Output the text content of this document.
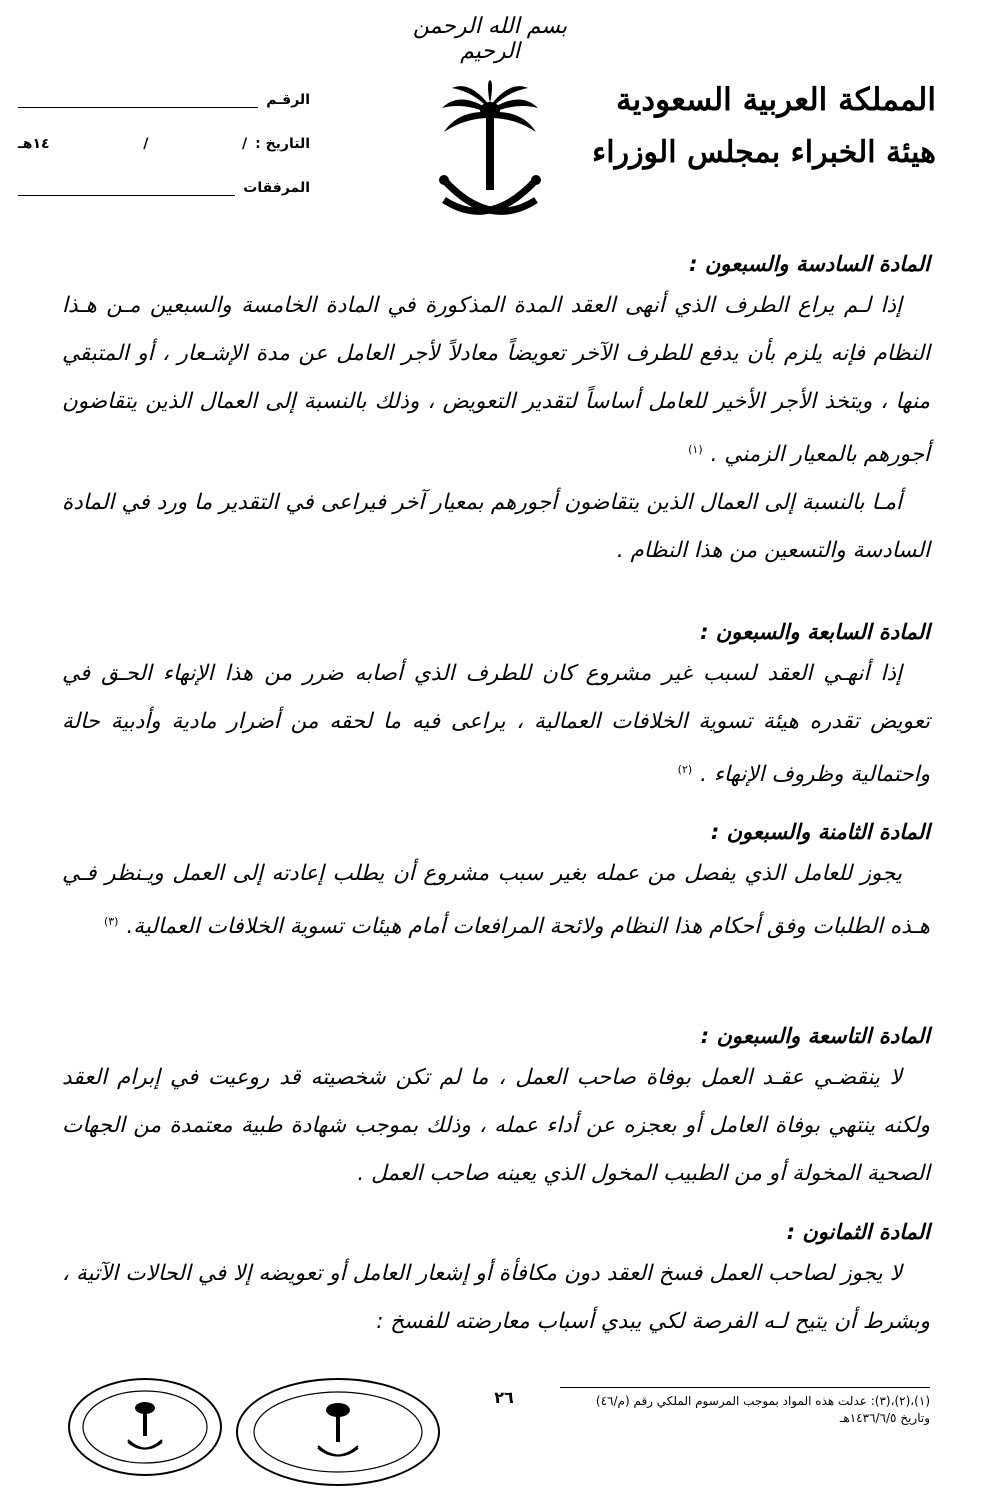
بسم الله الرحمن الرحيم
المملكة العربية السعودية
هيئة الخبراء بمجلس الوزراء
الرقـم
التاريخ :
/
/
١٤هـ
المرفقات
المادة السادسة والسبعون :
إذا لـم يراع الطرف الذي أنهى العقد المدة المذكورة في المادة الخامسة والسبعين مـن هـذا النظام فإنه يلزم بأن يدفع للطرف الآخر تعويضاً معادلاً لأجر العامل عن مدة الإشـعار ، أو المتبقي منها ، ويتخذ الأجر الأخير للعامل أساساً لتقدير التعويض ، وذلك بالنسبة إلى العمال الذين يتقاضون أجورهم بالمعيار الزمني .$^{(١)}$
أمـا بالنسبة إلى العمال الذين يتقاضون أجورهم بمعيار آخر فيراعى في التقدير ما ورد في المادة السادسة والتسعين من هذا النظام .
المادة السابعة والسبعون :
إذا أنهـي العقد لسبب غير مشروع كان للطرف الذي أصابه ضرر من هذا الإنهاء الحـق في تعويض تقدره هيئة تسوية الخلافات العمالية ، يراعى فيه ما لحقه من أضرار مادية وأدبية حالة واحتمالية وظروف الإنهاء .$^{(٢)}$
المادة الثامنة والسبعون :
يجوز للعامل الذي يفصل من عمله بغير سبب مشروع أن يطلب إعادته إلى العمل ويـنظر فـي هـذه الطلبات وفق أحكام هذا النظام ولائحة المرافعات أمام هيئات تسوية الخلافات العمالية.$^{(٣)}$
المادة التاسعة والسبعون :
لا ينقضـي عقـد العمل بوفاة صاحب العمل ، ما لم تكن شخصيته قد روعيت في إبرام العقد ولكنه ينتهي بوفاة العامل أو بعجزه عن أداء عمله ، وذلك بموجب شهادة طبية معتمدة من الجهات الصحية المخولة أو من الطبيب المخول الذي يعينه صاحب العمل .
المادة الثمانون :
لا يجوز لصاحب العمل فسخ العقد دون مكافأة أو إشعار العامل أو تعويضه إلا في الحالات الآتية ، وبشرط أن يتيح لـه الفرصة لكي يبدي أسباب معارضته للفسخ :
٢٦	(١)،(٢)،(٣): عدلت هذه المواد بموجب المرسوم الملكي رقم (م/٤٦)
وتاريخ ١٤٣٦/٦/٥هـ
